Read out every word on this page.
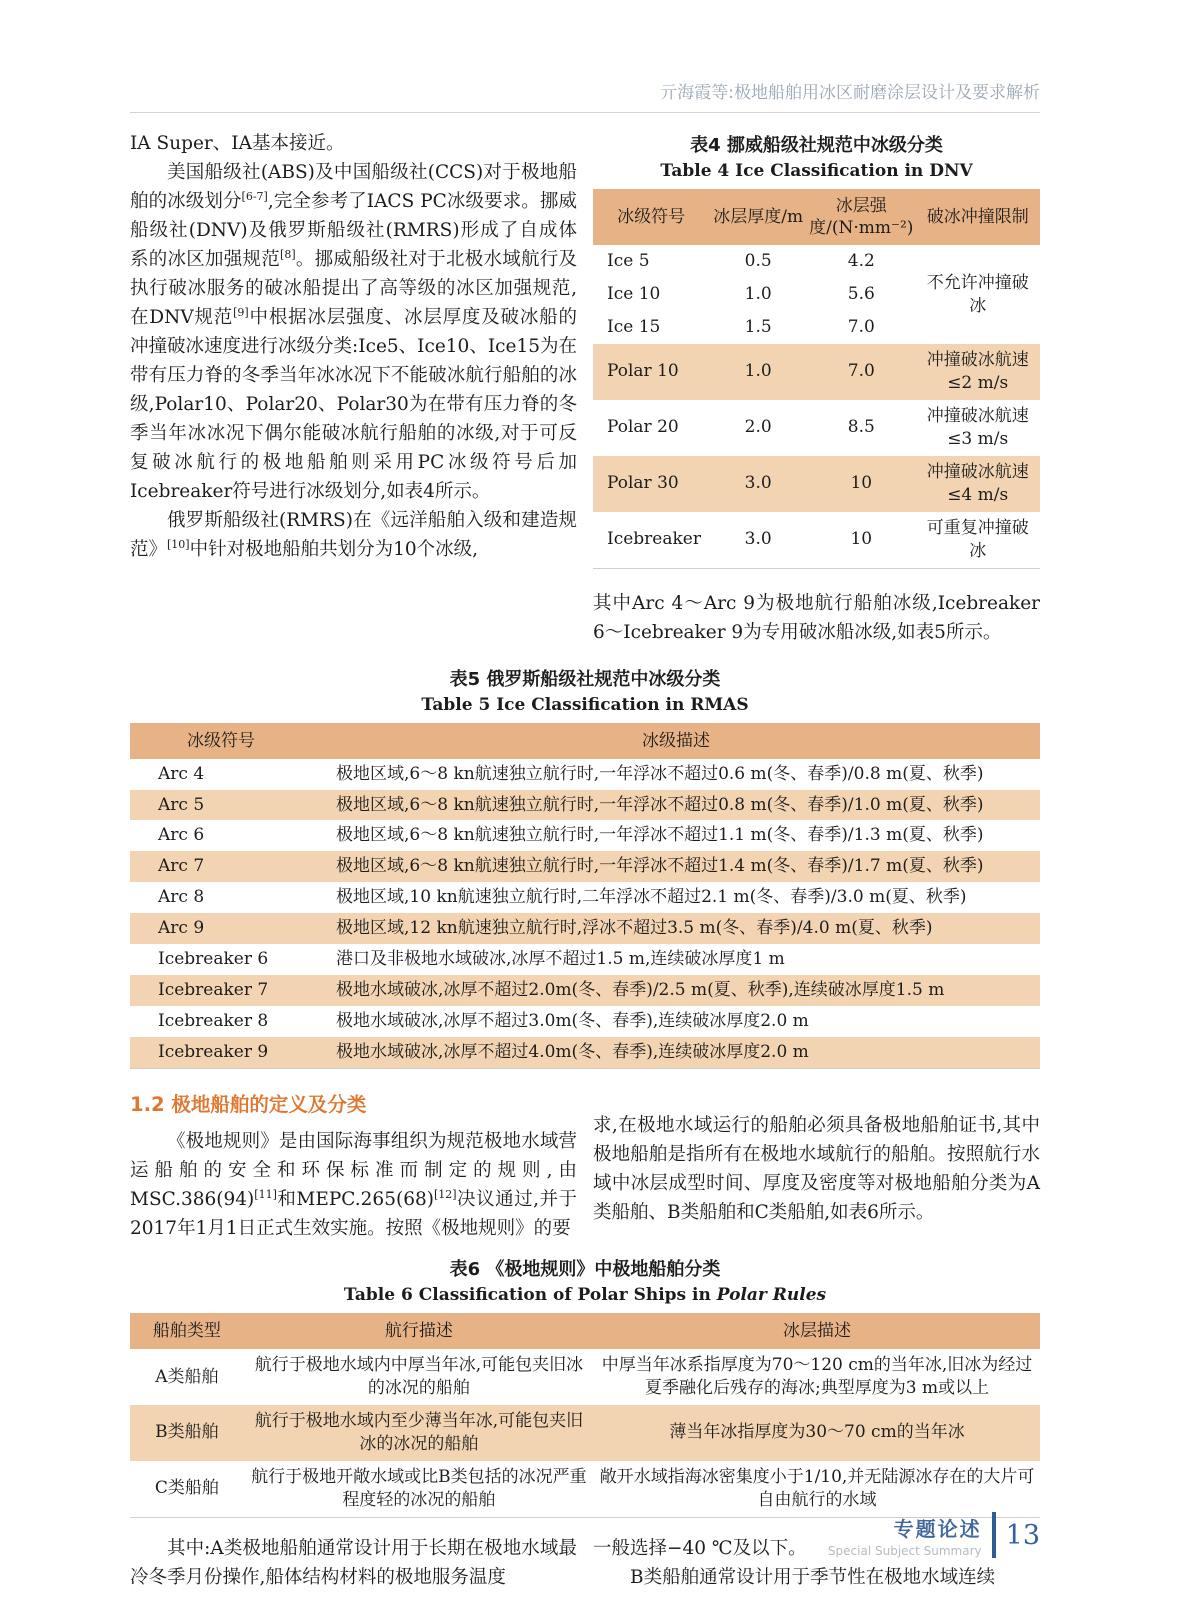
亓海霞等:极地船舶用冰区耐磨涂层设计及要求解析

IA Super、IA基本接近。

美国船级社(ABS)及中国船级社(CCS)对于极地船舶的冰级划分[6-7],完全参考了IACS PC冰级要求。挪威船级社(DNV)及俄罗斯船级社(RMRS)形成了自成体系的冰区加强规范[8]。挪威船级社对于北极水域航行及执行破冰服务的破冰船提出了高等级的冰区加强规范,在DNV规范[9]中根据冰层强度、冰层厚度及破冰船的冲撞破冰速度进行冰级分类:Ice5、Ice10、Ice15为在带有压力脊的冬季当年冰冰况下不能破冰航行船舶的冰级,Polar10、Polar20、Polar30为在带有压力脊的冬季当年冰冰况下偶尔能破冰航行船舶的冰级,对于可反复破冰航行的极地船舶则采用PC冰级符号后加Icebreaker符号进行冰级划分,如表4所示。

俄罗斯船级社(RMRS)在《远洋船舶入级和建造规范》[10]中针对极地船舶共划分为10个冰级,

表4 挪威船级社规范中冰级分类
Table 4 Ice Classification in DNV
冰级符号	冰层厚度/m	冰层强度/(N·mm⁻²)	破冰冲撞限制
Ice 5	0.5	4.2	不允许冲撞破冰
Ice 10	1.0	5.6	
Ice 15	1.5	7.0	
Polar 10	1.0	7.0	冲撞破冰航速≤2 m/s
Polar 20	2.0	8.5	冲撞破冰航速≤3 m/s
Polar 30	3.0	10	冲撞破冰航速≤4 m/s
Icebreaker	3.0	10	可重复冲撞破冰

其中Arc 4～Arc 9为极地航行船舶冰级,Icebreaker 6～Icebreaker 9为专用破冰船冰级,如表5所示。

表5 俄罗斯船级社规范中冰级分类
Table 5 Ice Classification in RMAS
冰级符号	冰级描述
Arc 4	极地区域,6～8 kn航速独立航行时,一年浮冰不超过0.6 m(冬、春季)/0.8 m(夏、秋季)
Arc 5	极地区域,6～8 kn航速独立航行时,一年浮冰不超过0.8 m(冬、春季)/1.0 m(夏、秋季)
Arc 6	极地区域,6～8 kn航速独立航行时,一年浮冰不超过1.1 m(冬、春季)/1.3 m(夏、秋季)
Arc 7	极地区域,6～8 kn航速独立航行时,一年浮冰不超过1.4 m(冬、春季)/1.7 m(夏、秋季)
Arc 8	极地区域,10 kn航速独立航行时,二年浮冰不超过2.1 m(冬、春季)/3.0 m(夏、秋季)
Arc 9	极地区域,12 kn航速独立航行时,浮冰不超过3.5 m(冬、春季)/4.0 m(夏、秋季)
Icebreaker 6	港口及非极地水域破冰,冰厚不超过1.5 m,连续破冰厚度1 m
Icebreaker 7	极地水域破冰,冰厚不超过2.0m(冬、春季)/2.5 m(夏、秋季),连续破冰厚度1.5 m
Icebreaker 8	极地水域破冰,冰厚不超过3.0m(冬、春季),连续破冰厚度2.0 m
Icebreaker 9	极地水域破冰,冰厚不超过4.0m(冬、春季),连续破冰厚度2.0 m
1.2 极地船舶的定义及分类

《极地规则》是由国际海事组织为规范极地水域营运船舶的安全和环保标准而制定的规则,由MSC.386(94)[11]和MEPC.265(68)[12]决议通过,并于2017年1月1日正式生效实施。按照《极地规则》的要

求,在极地水域运行的船舶必须具备极地船舶证书,其中极地船舶是指所有在极地水域航行的船舶。按照航行水域中冰层成型时间、厚度及密度等对极地船舶分类为A类船舶、B类船舶和C类船舶,如表6所示。

表6 《极地规则》中极地船舶分类
Table 6 Classification of Polar Ships in Polar Rules
船舶类型	航行描述	冰层描述
A类船舶	航行于极地水域内中厚当年冰,可能包夹旧冰的冰况的船舶	中厚当年冰系指厚度为70～120 cm的当年冰,旧冰为经过夏季融化后残存的海冰;典型厚度为3 m或以上
B类船舶	航行于极地水域内至少薄当年冰,可能包夹旧冰的冰况的船舶	薄当年冰指厚度为30～70 cm的当年冰
C类船舶	航行于极地开敞水域或比B类包括的冰况严重程度轻的冰况的船舶	敞开水域指海冰密集度小于1/10,并无陆源冰存在的大片可自由航行的水域

其中:A类极地船舶通常设计用于长期在极地水域最冷冬季月份操作,船体结构材料的极地服务温度

一般选择−40 ℃及以下。

B类船舶通常设计用于季节性在极地水域连续

专题论述
Special Subject Summary 13
